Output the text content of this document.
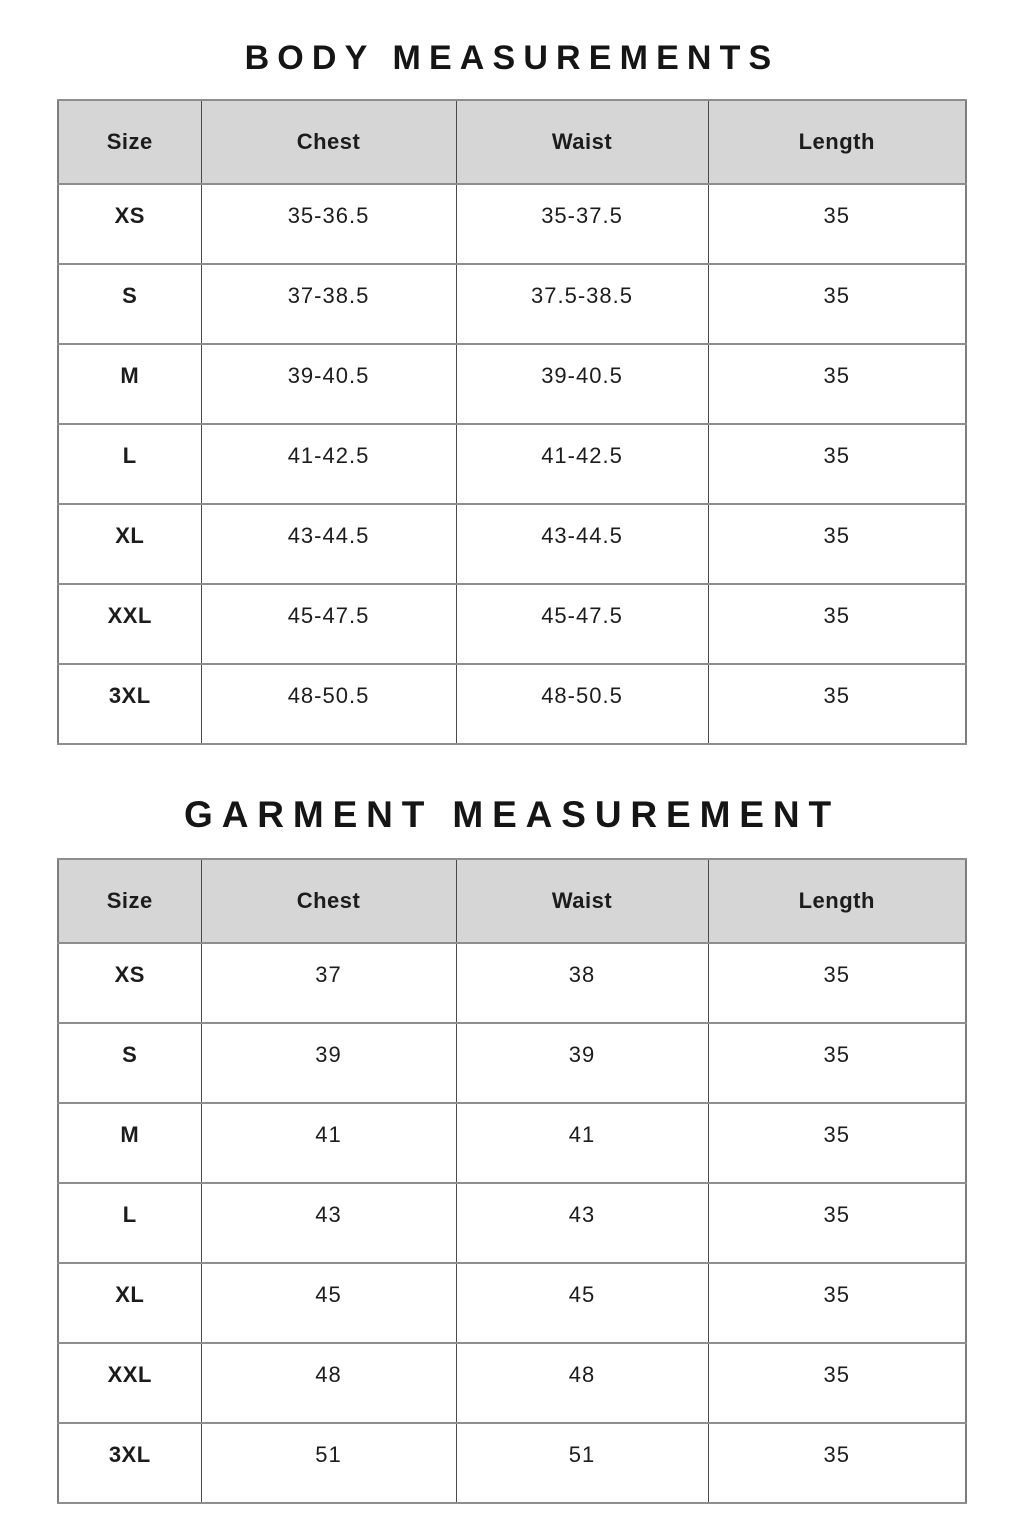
BODY MEASUREMENTS
Size	Chest	Waist	Length
XS	35-36.5	35-37.5	35
S	37-38.5	37.5-38.5	35
M	39-40.5	39-40.5	35
L	41-42.5	41-42.5	35
XL	43-44.5	43-44.5	35
XXL	45-47.5	45-47.5	35
3XL	48-50.5	48-50.5	35
GARMENT MEASUREMENT
Size	Chest	Waist	Length
XS	37	38	35
S	39	39	35
M	41	41	35
L	43	43	35
XL	45	45	35
XXL	48	48	35
3XL	51	51	35
